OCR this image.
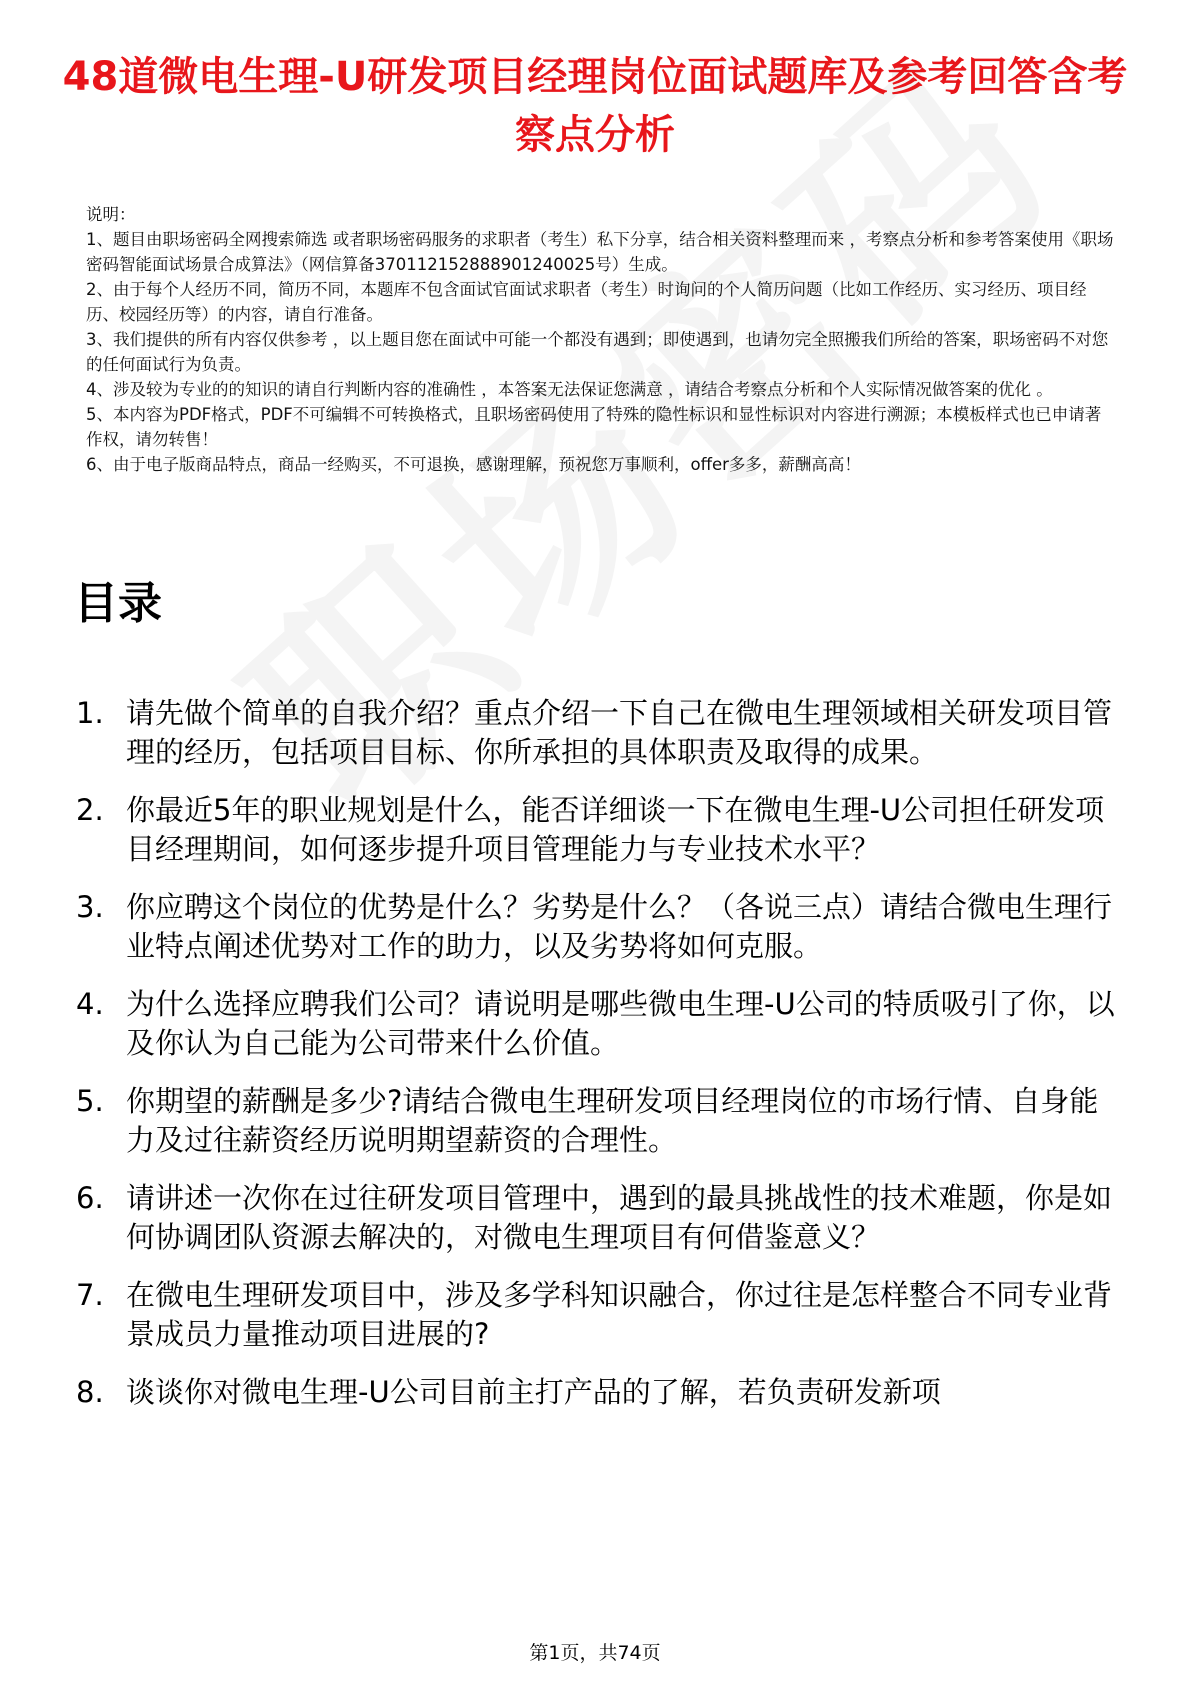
48道微电生理-U研发项目经理岗位面试题库及参考回答含考察点分析

说明：

1、题目由职场密码全网搜索筛选 或者职场密码服务的求职者（考生）私下分享，结合相关资料整理而来 ，考察点分析和参考答案使用《职场密码智能面试场景合成算法》（网信算备370112152888901240025号）生成。

2、由于每个人经历不同，简历不同，本题库不包含面试官面试求职者（考生）时询问的个人简历问题（比如工作经历、实习经历、项目经历、校园经历等）的内容，请自行准备。

3、我们提供的所有内容仅供参考 ，以上题目您在面试中可能一个都没有遇到；即使遇到，也请勿完全照搬我们所给的答案，职场密码不对您的任何面试行为负责。

4、涉及较为专业的的知识的请自行判断内容的准确性 ，本答案无法保证您满意 ，请结合考察点分析和个人实际情况做答案的优化 。

5、本内容为PDF格式，PDF不可编辑不可转换格式，且职场密码使用了特殊的隐性标识和显性标识对内容进行溯源；本模板样式也已申请著作权，请勿转售！

6、由于电子版商品特点，商品一经购买，不可退换，感谢理解，预祝您万事顺利，offer多多，薪酬高高！

目录
1. 请先做个简单的自我介绍？重点介绍一下自己在微电生理领域相关研发项目管理的经历，包括项目目标、你所承担的具体职责及取得的成果。
2. 你最近5年的职业规划是什么，能否详细谈一下在微电生理-U公司担任研发项目经理期间，如何逐步提升项目管理能力与专业技术水平？
3. 你应聘这个岗位的优势是什么？劣势是什么？（各说三点）请结合微电生理行业特点阐述优势对工作的助力，以及劣势将如何克服。
4. 为什么选择应聘我们公司？请说明是哪些微电生理-U公司的特质吸引了你，以及你认为自己能为公司带来什么价值。
5. 你期望的薪酬是多少?请结合微电生理研发项目经理岗位的市场行情、自身能力及过往薪资经历说明期望薪资的合理性。
6. 请讲述一次你在过往研发项目管理中，遇到的最具挑战性的技术难题，你是如何协调团队资源去解决的，对微电生理项目有何借鉴意义？
7. 在微电生理研发项目中，涉及多学科知识融合，你过往是怎样整合不同专业背景成员力量推动项目进展的?
8. 谈谈你对微电生理-U公司目前主打产品的了解，若负责研发新项
第1页，共74页
